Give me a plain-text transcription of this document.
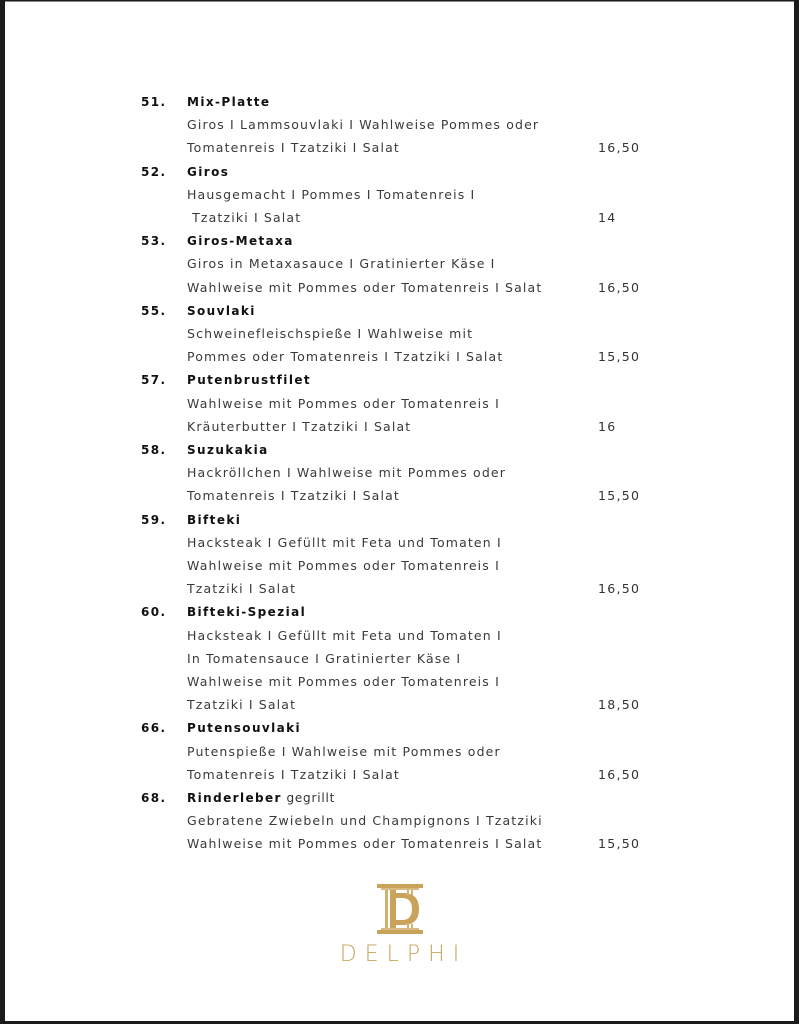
51. Mix-Platte
Giros I Lammsouvlaki I Wahlweise Pommes oder
Tomatenreis I Tzatziki I Salat	16,50
52. Giros
Hausgemacht I Pommes I Tomatenreis I
Tzatziki I Salat	14
53. Giros-Metaxa
Giros in Metaxasauce I Gratinierter Käse I
Wahlweise mit Pommes oder Tomatenreis I Salat	16,50
55. Souvlaki
Schweinefleischspieße I Wahlweise mit
Pommes oder Tomatenreis I Tzatziki I Salat	15,50
57. Putenbrustfilet
Wahlweise mit Pommes oder Tomatenreis I
Kräuterbutter I Tzatziki I Salat	16
58. Suzukakia
Hackröllchen I Wahlweise mit Pommes oder
Tomatenreis I Tzatziki I Salat	15,50
59. Bifteki
Hacksteak I Gefüllt mit Feta und Tomaten I
Wahlweise mit Pommes oder Tomatenreis I
Tzatziki I Salat	16,50
60. Bifteki-Spezial
Hacksteak I Gefüllt mit Feta und Tomaten I
In Tomatensauce I Gratinierter Käse I
Wahlweise mit Pommes oder Tomatenreis I
Tzatziki I Salat	18,50
66. Putensouvlaki
Putenspieße I Wahlweise mit Pommes oder
Tomatenreis I Tzatziki I Salat	16,50
68. Rinderleber gegrillt
Gebratene Zwiebeln und Champignons I Tzatziki
Wahlweise mit Pommes oder Tomatenreis I Salat	15,50
DELPHI
